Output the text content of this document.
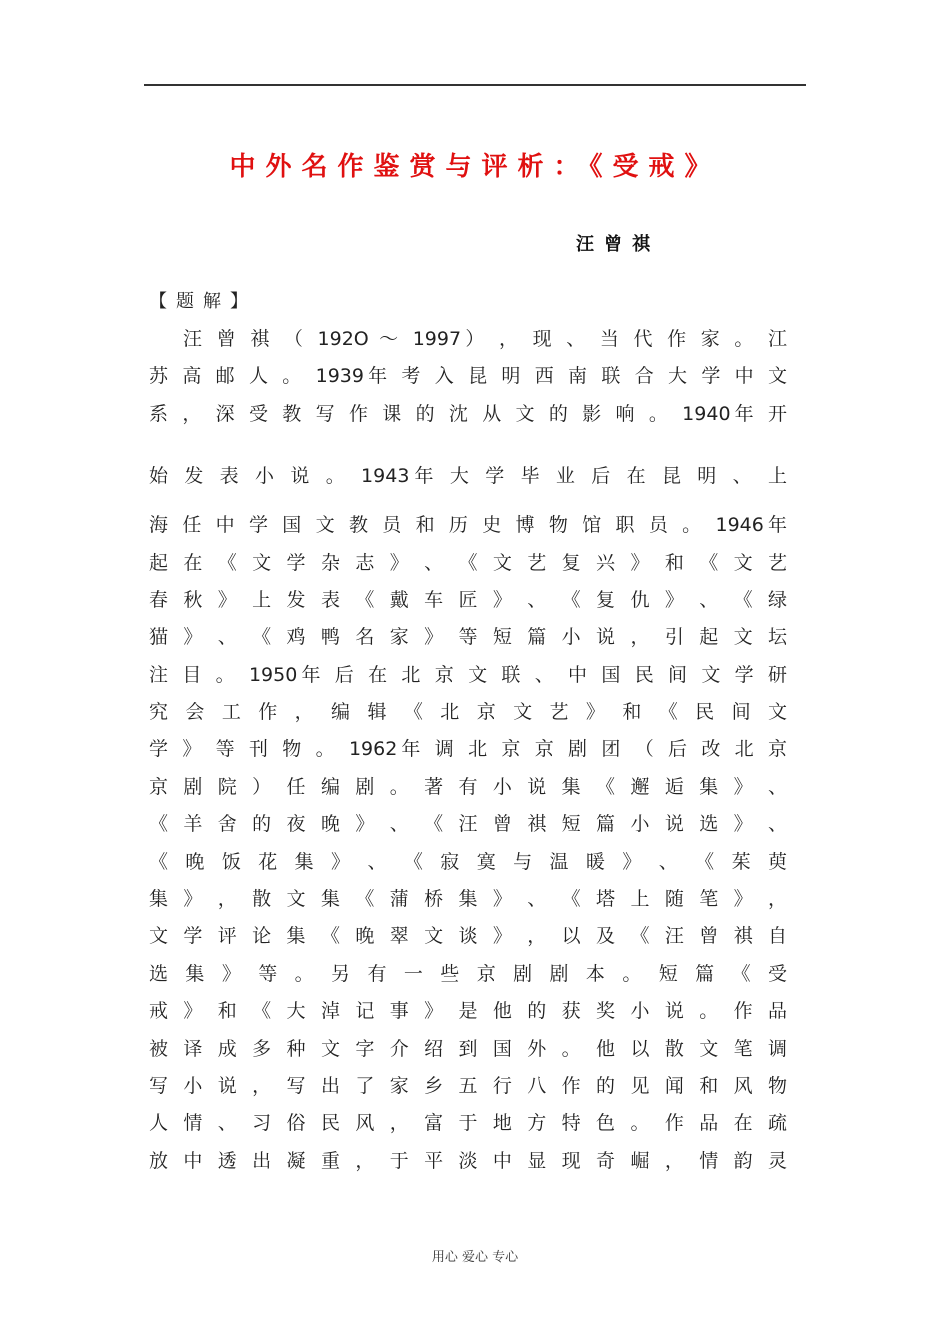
中外名作鉴赏与评析：《受戒》
汪曾祺
【题解】
汪 曾 祺 （ 192O ～ 1997） ， 现 、 当 代 作 家 。 江
苏 高 邮 人 。 1939年 考 入 昆 明 西 南 联 合 大 学 中 文
系 ， 深 受 教 写 作 课 的 沈 从 文 的 影 响 。 1940年 开
始 发 表 小 说 。 1943年 大 学 毕 业 后 在 昆 明 、 上
海 任 中 学 国 文 教 员 和 历 史 博 物 馆 职 员 。 1946年
起 在 《 文 学 杂 志 》 、 《 文 艺 复 兴 》 和 《 文 艺
春 秋 》 上 发 表 《 戴 车 匠 》 、 《 复 仇 》 、 《 绿
猫 》 、 《 鸡 鸭 名 家 》 等 短 篇 小 说 ， 引 起 文 坛
注 目 。 1950年 后 在 北 京 文 联 、 中 国 民 间 文 学 研
究 会 工 作 ， 编 辑 《 北 京 文 艺 》 和 《 民 间 文
学 》 等 刊 物 。 1962年 调 北 京 京 剧 团 （ 后 改 北 京
京 剧 院 ） 任 编 剧 。 著 有 小 说 集 《 邂 逅 集 》 、
《 羊 舍 的 夜 晚 》 、 《 汪 曾 祺 短 篇 小 说 选 》 、
《 晚 饭 花 集 》 、 《 寂 寞 与 温 暖 》 、 《 茱 萸
集 》 ， 散 文 集 《 蒲 桥 集 》 、 《 塔 上 随 笔 》 ，
文 学 评 论 集 《 晚 翠 文 谈 》 ， 以 及 《 汪 曾 祺 自
选 集 》 等 。 另 有 一 些 京 剧 剧 本 。 短 篇 《 受
戒 》 和 《 大 淖 记 事 》 是 他 的 获 奖 小 说 。 作 品
被 译 成 多 种 文 字 介 绍 到 国 外 。 他 以 散 文 笔 调
写 小 说 ， 写 出 了 家 乡 五 行 八 作 的 见 闻 和 风 物
人 情 、 习 俗 民 风 ， 富 于 地 方 特 色 。 作 品 在 疏
放 中 透 出 凝 重 ， 于 平 淡 中 显 现 奇 崛 ， 情 韵 灵
用心 爱心 专心
